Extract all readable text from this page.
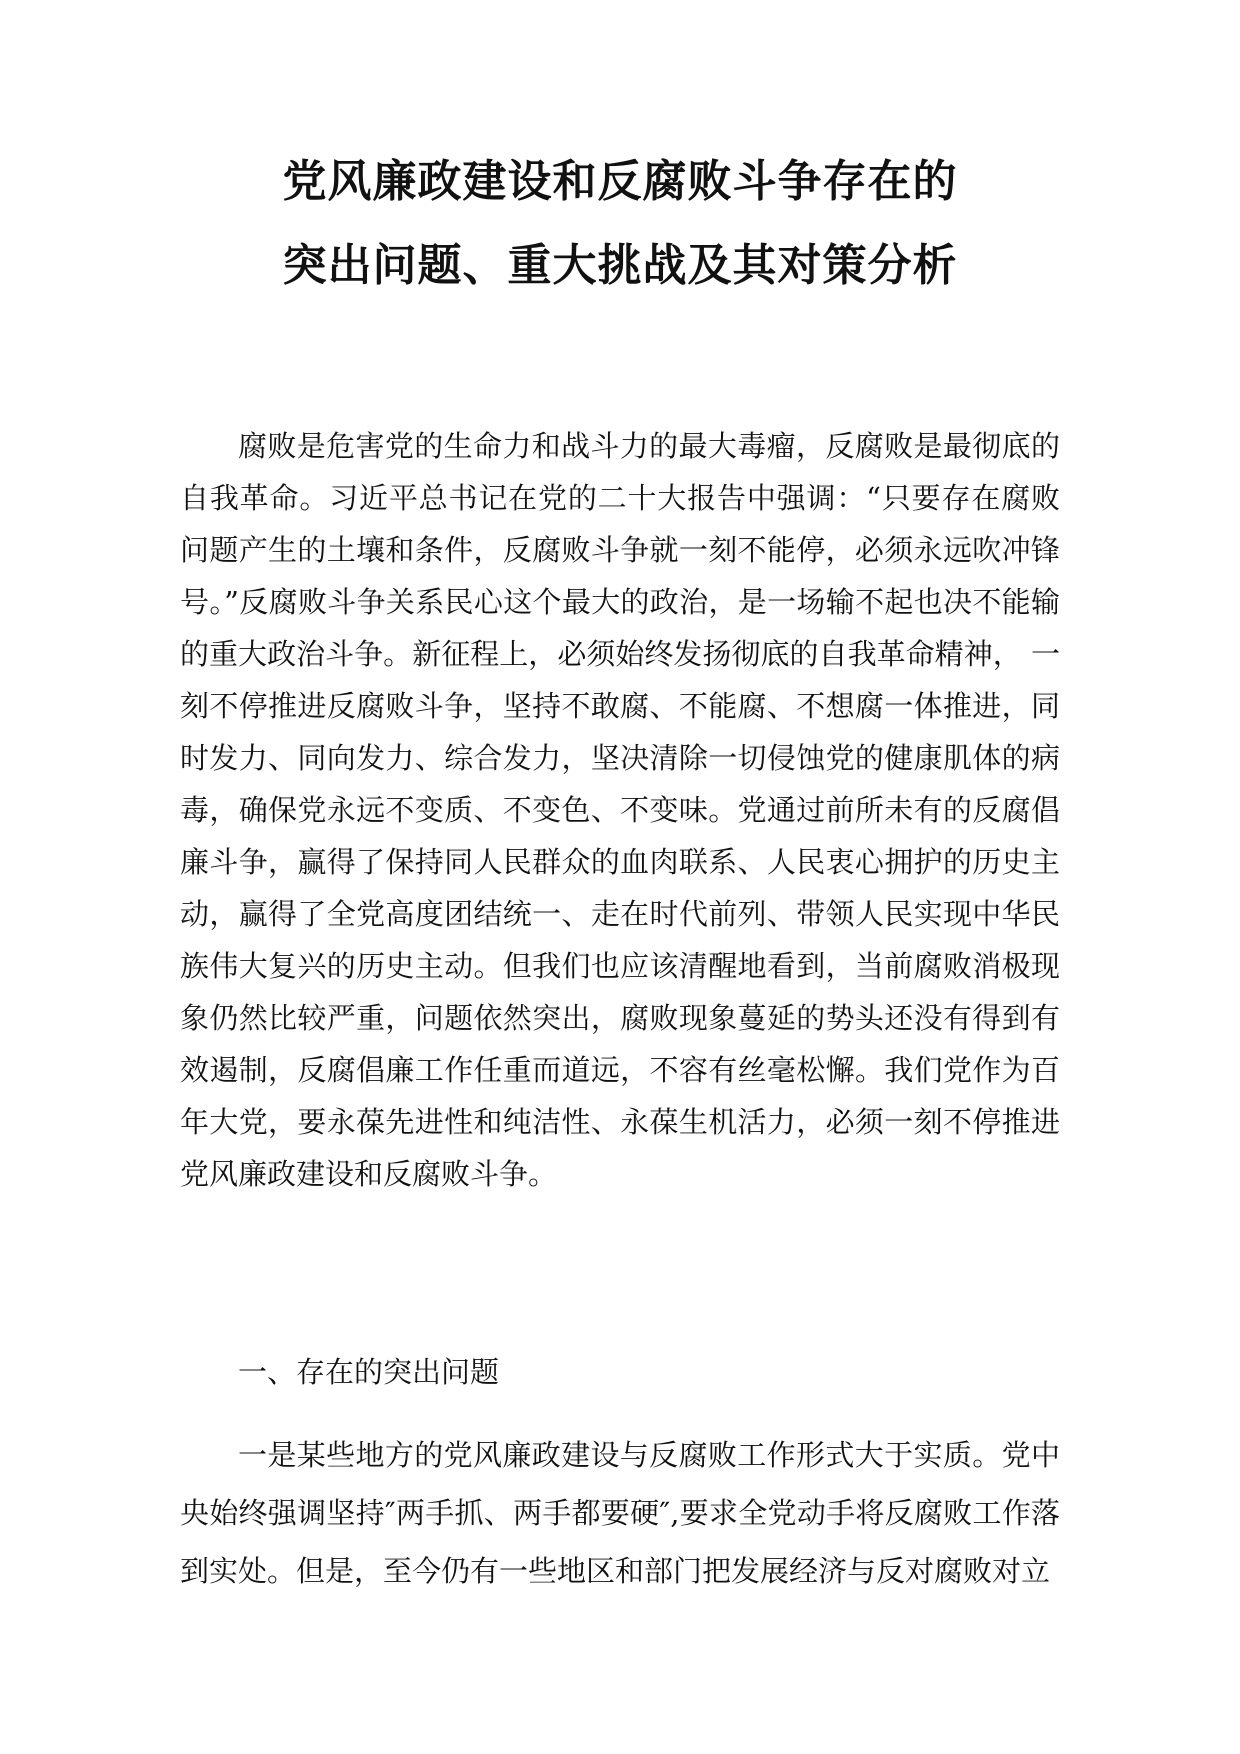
党风廉政建设和反腐败斗争存在的
突出问题、重大挑战及其对策分析

腐败是危害党的生命力和战斗力的最大毒瘤，反腐败是最彻底的自我革命。习近平总书记在党的二十大报告中强调：“只要存在腐败问题产生的土壤和条件，反腐败斗争就一刻不能停，必须永远吹冲锋号。”反腐败斗争关系民心这个最大的政治，是一场输不起也决不能输的重大政治斗争。新征程上，必须始终发扬彻底的自我革命精神， 一刻不停推进反腐败斗争，坚持不敢腐、不能腐、不想腐一体推进，同时发力、同向发力、综合发力，坚决清除一切侵蚀党的健康肌体的病毒，确保党永远不变质、不变色、不变味。党通过前所未有的反腐倡廉斗争，赢得了保持同人民群众的血肉联系、人民衷心拥护的历史主动，赢得了全党高度团结统一、走在时代前列、带领人民实现中华民族伟大复兴的历史主动。但我们也应该清醒地看到，当前腐败消极现象仍然比较严重，问题依然突出，腐败现象蔓延的势头还没有得到有效遏制，反腐倡廉工作任重而道远，不容有丝毫松懈。我们党作为百年大党，要永葆先进性和纯洁性、永葆生机活力，必须一刻不停推进党风廉政建设和反腐败斗争。

一、存在的突出问题

一是某些地方的党风廉政建设与反腐败工作形式大于实质。党中央始终强调坚持″两手抓、两手都要硬″,要求全党动手将反腐败工作落到实处。但是，至今仍有一些地区和部门把发展经济与反对腐败对立
